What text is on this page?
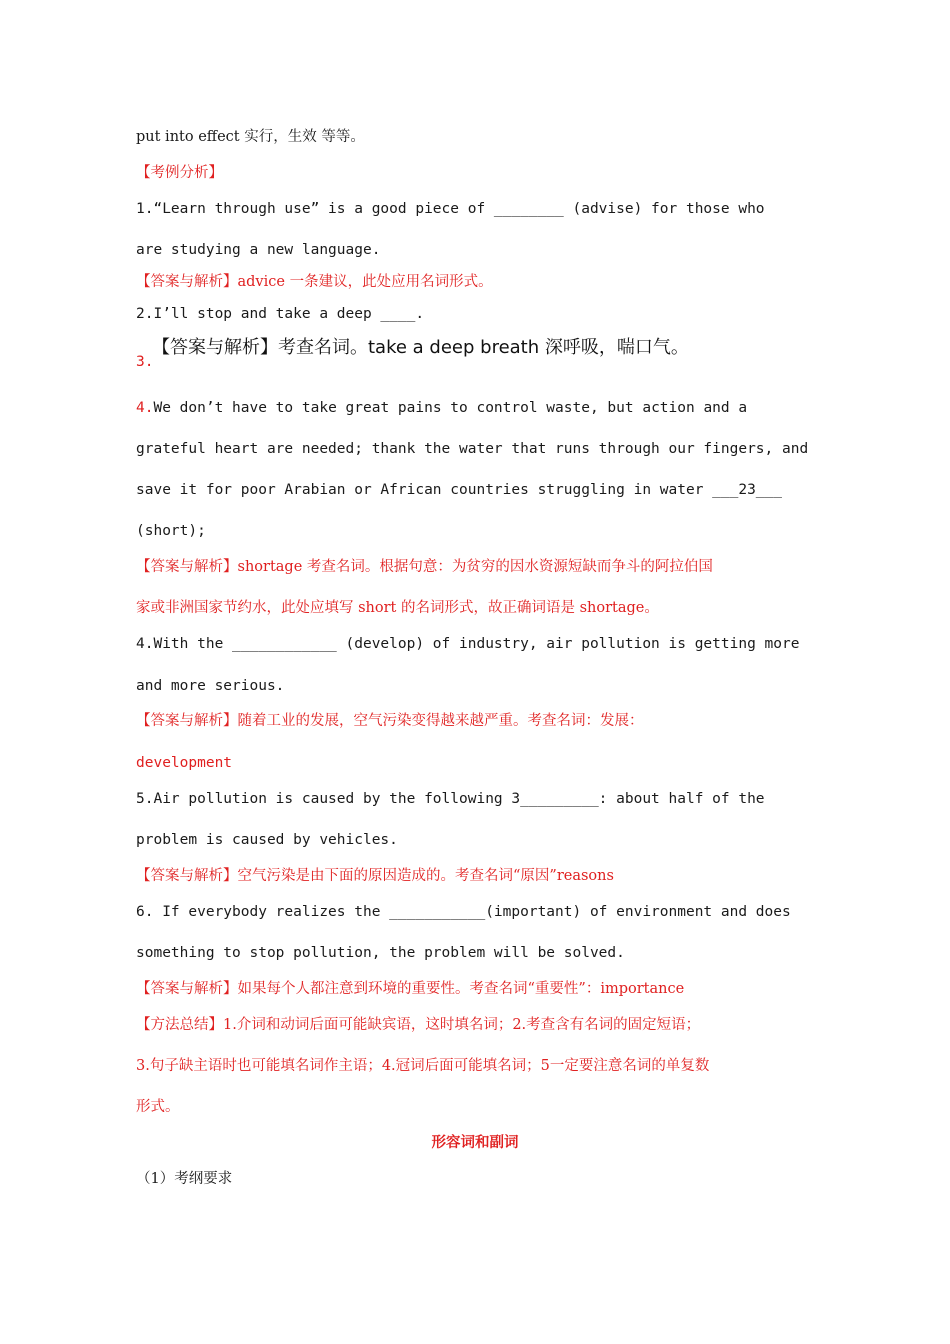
put into effect 实行，生效 等等。
【考例分析】
1.“Learn through use” is a good piece of ________ (advise) for those who
are studying a new language.
【答案与解析】advice 一条建议，此处应用名词形式。
2.I’ll stop and take a deep ____.
【答案与解析】考查名词。take a deep breath 深呼吸，喘口气。
3.
4.We don’t have to take great pains to control waste, but action and a
grateful heart are needed; thank the water that runs through our fingers, and
save it for poor Arabian or African countries struggling in water ___23___
(short);
【答案与解析】shortage 考查名词。根据句意：为贫穷的因水资源短缺而争斗的阿拉伯国
家或非洲国家节约水，此处应填写 short 的名词形式，故正确词语是 shortage。
4.With the ____________ (develop) of industry, air pollution is getting more
and more serious.
【答案与解析】随着工业的发展，空气污染变得越来越严重。考查名词：发展：
development
5.Air pollution is caused by the following 3_________: about half of the
problem is caused by vehicles.
【答案与解析】空气污染是由下面的原因造成的。考查名词“原因”reasons
6. If everybody realizes the ___________(important) of environment and does
something to stop pollution, the problem will be solved.
【答案与解析】如果每个人都注意到环境的重要性。考查名词“重要性”：importance
【方法总结】1.介词和动词后面可能缺宾语，这时填名词；2.考查含有名词的固定短语；
3.句子缺主语时也可能填名词作主语；4.冠词后面可能填名词；5一定要注意名词的单复数
形式。
形容词和副词
（1）考纲要求
